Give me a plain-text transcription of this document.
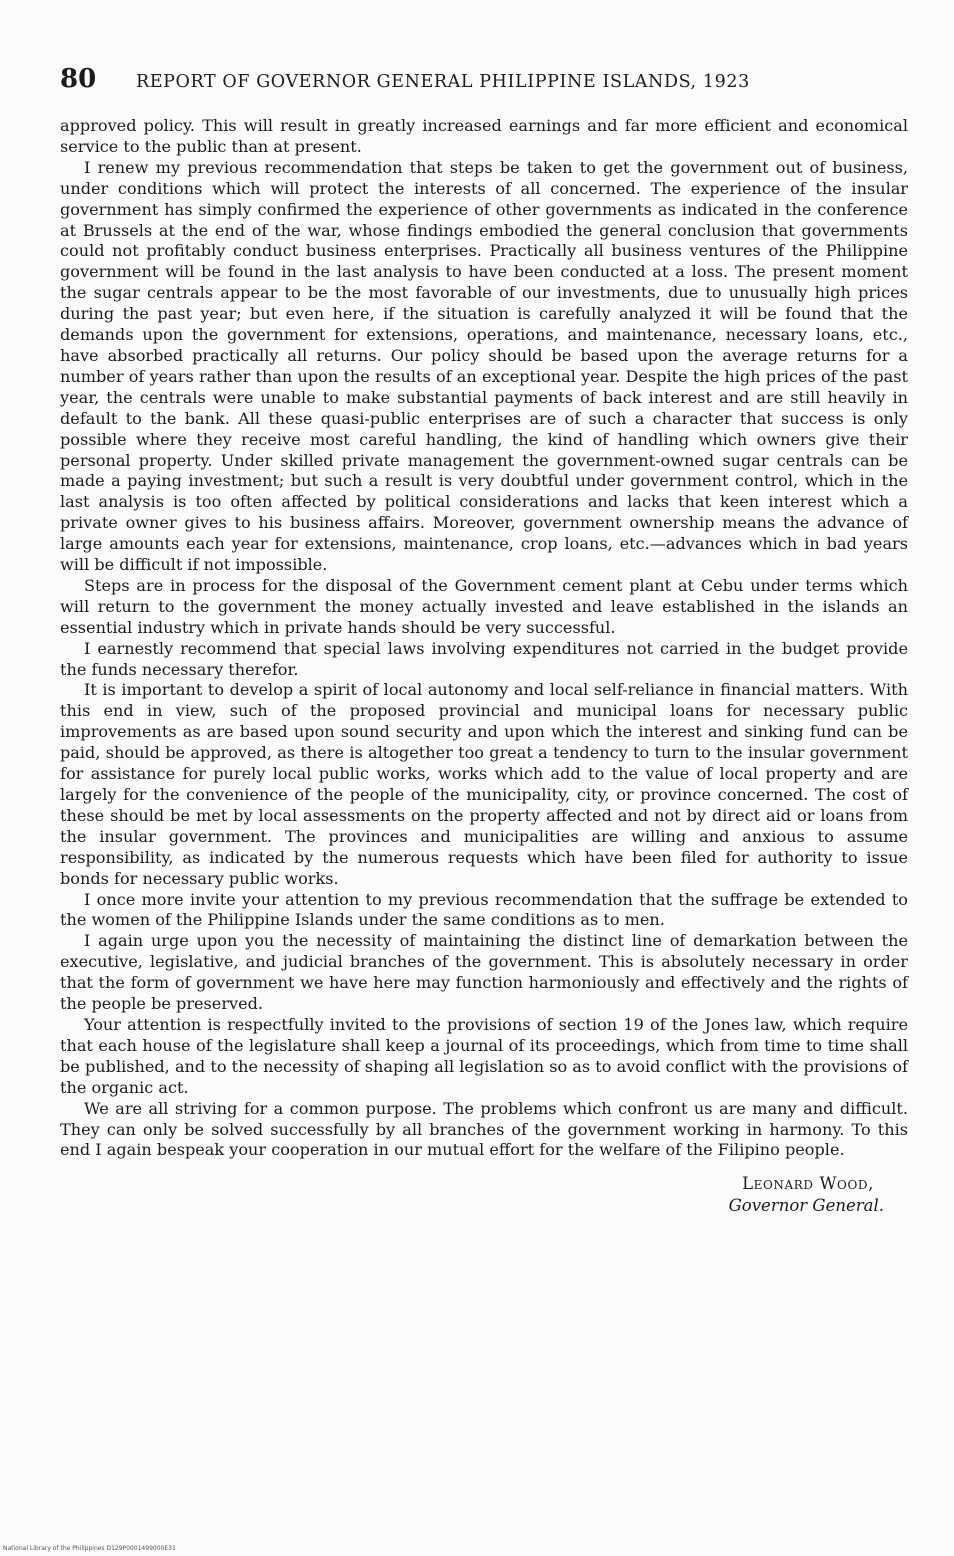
80	REPORT OF GOVERNOR GENERAL PHILIPPINE ISLANDS, 1923

approved policy. This will result in greatly increased earnings and far more efficient and economical service to the public than at present.

I renew my previous recommendation that steps be taken to get the government out of business, under conditions which will protect the interests of all concerned. The experience of the insular government has simply confirmed the experience of other governments as indicated in the conference at Brussels at the end of the war, whose findings embodied the general conclusion that governments could not profitably conduct business enterprises. Practically all business ventures of the Philippine government will be found in the last analysis to have been conducted at a loss. The present moment the sugar centrals appear to be the most favorable of our investments, due to unusually high prices during the past year; but even here, if the situation is carefully analyzed it will be found that the demands upon the government for extensions, operations, and maintenance, necessary loans, etc., have absorbed practically all returns. Our policy should be based upon the average returns for a number of years rather than upon the results of an exceptional year. Despite the high prices of the past year, the centrals were unable to make substantial payments of back interest and are still heavily in default to the bank. All these quasi-public enterprises are of such a character that success is only possible where they receive most careful handling, the kind of handling which owners give their personal property. Under skilled private management the government-owned sugar centrals can be made a paying investment; but such a result is very doubtful under government control, which in the last analysis is too often affected by political considerations and lacks that keen interest which a private owner gives to his business affairs. Moreover, government ownership means the advance of large amounts each year for extensions, maintenance, crop loans, etc.—advances which in bad years will be difficult if not impossible.

Steps are in process for the disposal of the Government cement plant at Cebu under terms which will return to the government the money actually invested and leave established in the islands an essential industry which in private hands should be very successful.

I earnestly recommend that special laws involving expenditures not carried in the budget provide the funds necessary therefor.

It is important to develop a spirit of local autonomy and local self-reliance in financial matters. With this end in view, such of the proposed provincial and municipal loans for necessary public improvements as are based upon sound security and upon which the interest and sinking fund can be paid, should be approved, as there is altogether too great a tendency to turn to the insular government for assistance for purely local public works, works which add to the value of local property and are largely for the convenience of the people of the municipality, city, or province concerned. The cost of these should be met by local assessments on the property affected and not by direct aid or loans from the insular government. The provinces and municipalities are willing and anxious to assume responsibility, as indicated by the numerous requests which have been filed for authority to issue bonds for necessary public works.

I once more invite your attention to my previous recommendation that the suffrage be extended to the women of the Philippine Islands under the same conditions as to men.

I again urge upon you the necessity of maintaining the distinct line of demarkation between the executive, legislative, and judicial branches of the government. This is absolutely necessary in order that the form of government we have here may function harmoniously and effectively and the rights of the people be preserved.

Your attention is respectfully invited to the provisions of section 19 of the Jones law, which require that each house of the legislature shall keep a journal of its proceedings, which from time to time shall be published, and to the necessity of shaping all legislation so as to avoid conflict with the provisions of the organic act.

We are all striving for a common purpose. The problems which confront us are many and difficult. They can only be solved successfully by all branches of the government working in harmony. To this end I again bespeak your cooperation in our mutual effort for the welfare of the Filipino people.

Leonard Wood,
Governor General.
National Library of the Philippines D129P0001499000E31
